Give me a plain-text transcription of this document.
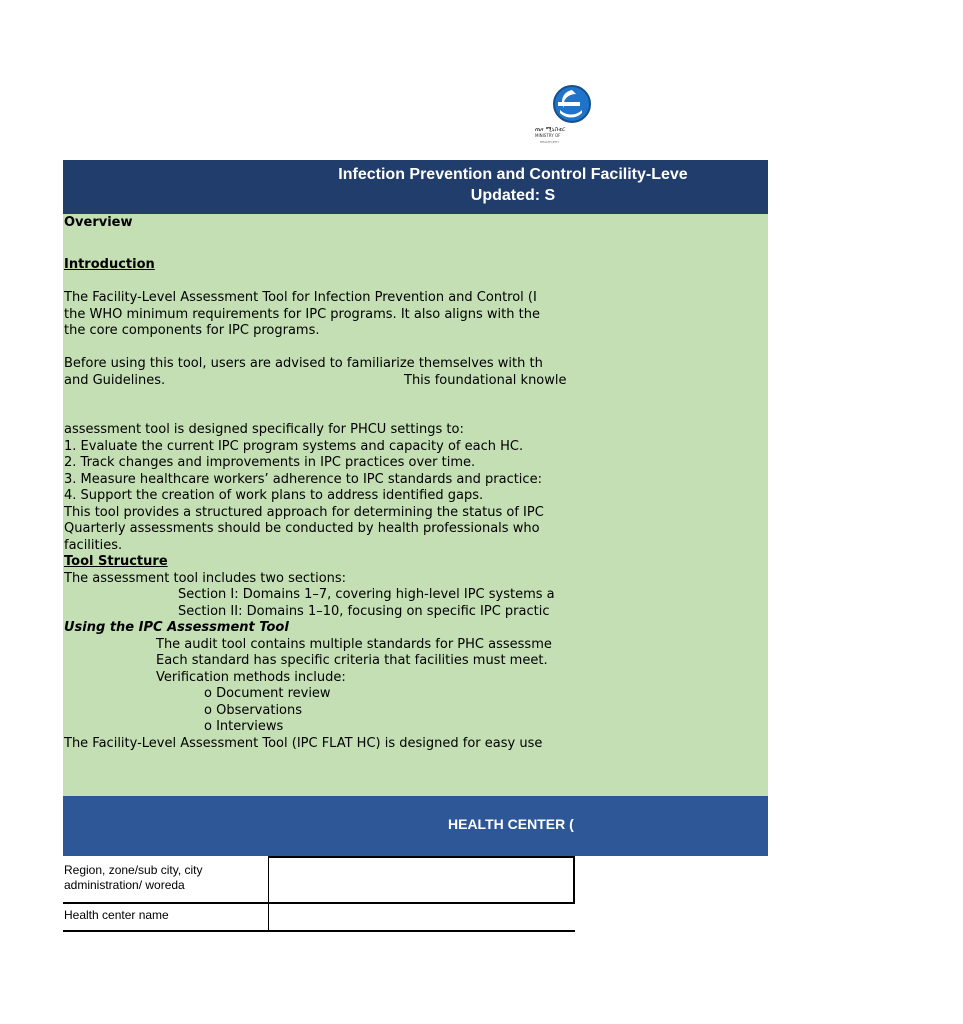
ጤና ሚኒስቴር
MINISTRY OF
HEALTH-ETH
Infection Prevention and Control Facility-Leve
Updated: S
Overview
Introduction
The Facility-Level Assessment Tool for Infection Prevention and Control (I
the WHO minimum requirements for IPC programs. It also aligns with the
the core components for IPC programs.
Before using this tool, users are advised to familiarize themselves with th
and Guidelines.	This foundational knowle
assessment tool is designed specifically for PHCU settings to:
1. Evaluate the current IPC program systems and capacity of each HC.
2. Track changes and improvements in IPC practices over time.
3. Measure healthcare workers’ adherence to IPC standards and practice:
4. Support the creation of work plans to address identified gaps.
This tool provides a structured approach for determining the status of IPC
Quarterly assessments should be conducted by health professionals who
facilities.
Tool Structure
The assessment tool includes two sections:
Section I: Domains 1–7, covering high-level IPC systems a
Section II: Domains 1–10, focusing on specific IPC practic
Using the IPC Assessment Tool
The audit tool contains multiple standards for PHC assessme
Each standard has specific criteria that facilities must meet.
Verification methods include:
o Document review
o Observations
o Interviews
The Facility-Level Assessment Tool (IPC FLAT HC) is designed for easy use
HEALTH CENTER (
Region, zone/sub city, city administration/ woreda
Health center name
